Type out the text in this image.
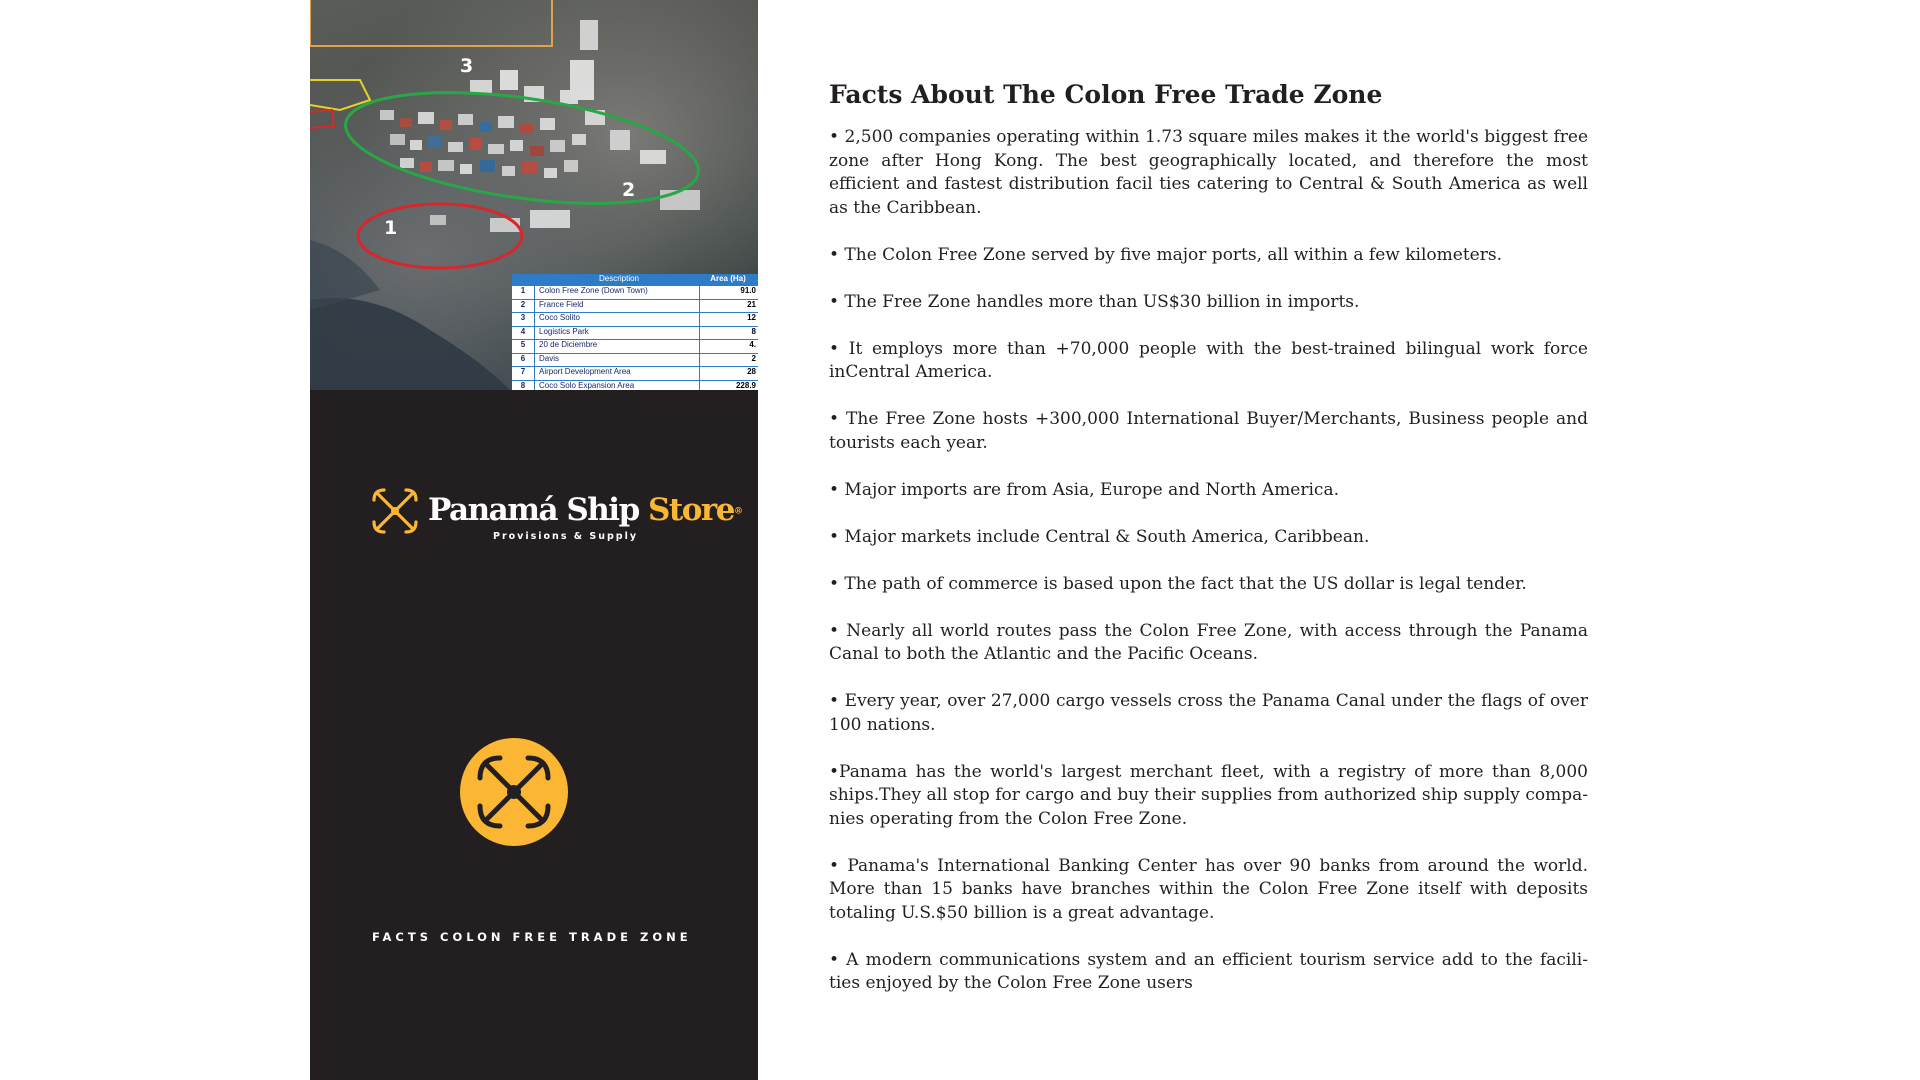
3
2
1
Description	Area (Ha)
1	Colon Free Zone (Down Town)	91.0
2	France Field	21
3	Coco Solito	12
4	Logistics Park	8
5	20 de Diciembre	4.
6	Davis	2
7	Airport Development Area	28
8	Coco Solo Expansion Area	228.9
Panamá Ship Store®
Provisions & Supply
FACTS COLON FREE TRADE ZONE
Facts About The Colon Free Trade Zone

• 2,500 companies operating within 1.73 square miles makes it the world's biggest free zone after Hong Kong. The best geographically located, and therefore the most efficient and fastest distribution facil ties catering to Central & South America as well as the Caribbean.

• The Colon Free Zone served by five major ports, all within a few kilometers.

• The Free Zone handles more than US$30 billion in imports.

• It employs more than +70,000 people with the best-trained bilingual work force inCentral America.

• The Free Zone hosts +300,000 International Buyer/Merchants, Business people and tourists each year.

• Major imports are from Asia, Europe and North America.

• Major markets include Central & South America, Caribbean.

• The path of commerce is based upon the fact that the US dollar is legal tender.

• Nearly all world routes pass the Colon Free Zone, with access through the Panama Canal to both the Atlantic and the Pacific Oceans.

• Every year, over 27,000 cargo vessels cross the Panama Canal under the flags of over 100 nations.

•Panama has the world's largest merchant fleet, with a registry of more than 8,000 ships.They all stop for cargo and buy their supplies from authorized ship supply compa-nies operating from the Colon Free Zone.

• Panama's International Banking Center has over 90 banks from around the world. More than 15 banks have branches within the Colon Free Zone itself with deposits totaling U.S.$50 billion is a great advantage.

• A modern communications system and an efficient tourism service add to the facili-ties enjoyed by the Colon Free Zone users
